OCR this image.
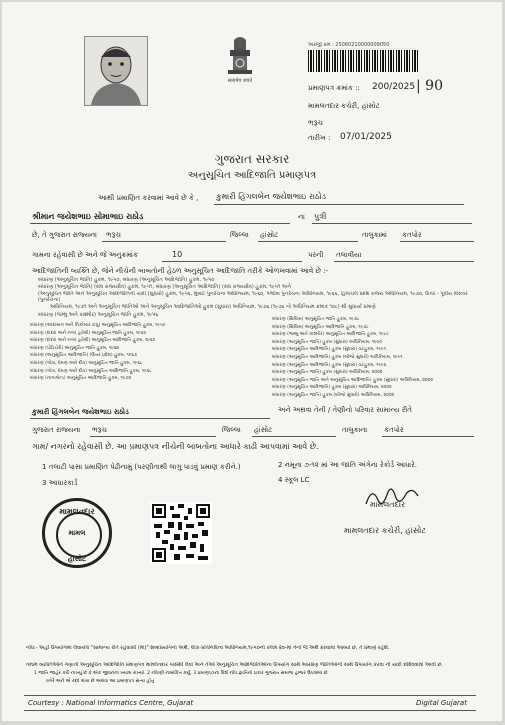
सत्यमेव जयते
અરજી ક્રમ : 25060210000009050
પ્રમાણપત્ર ક્રમાંક :: 200/2025 | 90
મામલતદાર કચેરી, હાંસોટ
ભરૂચ
તારીખ : 07/01/2025
ગુજરાત સરકાર
અનુસૂચિત આદિજાતિ પ્રમાણપત્ર
આથી પ્રમાણિત કરવામાં આવે છે કે , કુમારી હિંગલબેન જયેશભાઇ રાઠોડ
શ્રીમાન જયેશભાઇ સોમાભાઇ રાઠોડ	ના પુત્રી
છે, તે ગુજરાત રાજ્યના ભરૂચ	જિલ્લા હાંસોટ	તાલુકામાં કતપોર
ગામના રહેવાસી છે અને જે અનુક્રમાંક	10	પરની તલાવીયા
આદિજાતિની વ્યક્તિ છે, જેને નીચેની બાબતોની હેઠળ અનુસૂચિત આદિજાતિ તરીકે ઓળખવામાં આવે છે :-
બંધારણ (અનુસૂચિત જાતિ) હુકમ, ૧૯૫૦, બંધારણ (અનુસૂચિત આદિજાતિ) હુકમ, ૧૯૫૦
બંધારણ (અનુસૂચિત જાતિ) (સંઘ રાજ્યક્ષેત્ર) હુકમ, ૧૯૫૧, બંધારણ (અનુસૂચિત આદિજાતિ) (સંઘ રાજ્યક્ષેત્ર) હુકમ, ૧૯૫૧ અને
(અનુસૂચિત જાતિ અને અનુસૂચિત આદિજાતિની યાદી (સુધારો) હુકમ, ૧૯૫૬, મુંબઈ પુનર્રચના અધિનિયમ, ૧૯૬૦, પંજાબ પુનર્રચના અધિનિયમ, ૧૯૬૬, હિમાચલ પ્રદેશ રાજ્ય અધિનિયમ, ૧૯૭૦, ઉત્તર - પૂર્વીય વિસ્તાર (પુનર્રચના)
અધિનિયમ, ૧૯૭૧ અને અનુસૂચિત જાતિઓ અને અનુસૂચિત આદિજાતિઓ હુકમ (સુધારા) અધિનિયમ, ૧૯૭૬ (૧૯૭૬ નો અધિનિયમ ક્રમાંક ૧૦૮) થી સુધાર્યા પ્રમાણે
બંધારણ (જમ્મુ અને કાશ્મીર) અનુસૂચિત જાતિ હુકમ, ૧૯૫૬
બંધારણ (આંદામાન અને નિકોબાર ટાપુ) અનુસૂચિત આદિજાતિ હુકમ, ૧૯૫૯
બંધારણ (દાદરા અને નગર હવેલી) અનુસૂચિત જાતિ હુકમ, ૧૯૬૨
બંધારણ (દાદરા અને નગર હવેલી) અનુસૂચિત આદિજાતિ હુકમ, ૧૯૬૨
બંધારણ (પોંડિચેરી) અનુસૂચિત જાતિ હુકમ, ૧૯૬૪
બંધારણ (અનુસૂચિત આદિજાતિ) (ઉત્તર પ્રદેશ) હુકમ, ૧૯૬૭
બંધારણ (ગોવા, દમણ અને દીવ) અનુસૂચિત જાતિ હુકમ, ૧૯૬૮
બંધારણ (ગોવા, દમણ અને દીવ) અનુસૂચિત આદિજાતિ હુકમ, ૧૯૬૮
બંધારણ (નાગાલેન્ડ) અનુસૂચિત આદિજાતિ હુકમ, ૧૯૭૦
બંધારણ (સિક્કિમ) અનુસૂચિત જાતિ હુકમ, ૧૯૭૮
બંધારણ (સિક્કિમ) અનુસૂચિત આદિજાતિ હુકમ, ૧૯૭૮
બંધારણ (જમ્મુ અને કાશ્મીર) અનુસૂચિત આદિજાતિ હુકમ, ૧૯૮૯
બંધારણ (અનુસૂચિત જાતિ) હુકમ (સુધારા) અધિનિયમ, ૧૯૯૦
બંધારણ (અનુસૂચિત આદિજાતિ) હુકમ (સુધારા) વટહુકમ, ૧૯૯૧
બંધારણ (અનુસૂચિત આદિજાતિ) હુકમ (બીજો સુધારો) અધિનિયમ, ૧૯૯૧
બંધારણ (અનુસૂચિત આદિજાતિ) હુકમ (સુધારા) વટહુકમ, ૧૯૯૬
બંધારણ (અનુસૂચિત જાતિ) હુકમ (સુધારા) અધિનિયમ, ૨૦૦૨
બંધારણ (અનુસૂચિત જાતિ અને અનુસૂચિત આદિજાતિ) હુકમ (સુધારા) અધિનિયમ, ૨૦૦૨
બંધારણ (અનુસૂચિત આદિજાતિ) હુકમ (સુધારા) અધિનિયમ, ૨૦૦૨
બંધારણ (અનુસૂચિત જાતિ) હુકમ (બીજો સુધારો) અધિનિયમ, ૨૦૦૨
કુમારી હિંગલબેન જયેશભાઇ રાઠોડ	અને અથવા તેની / તેણીનો પરિવાર સામાન્ય રીતે
ગુજરાત રાજ્યના ભરૂચ	જિલ્લા હાંસોટ	તાલુકાના કતપોર
ગામ/ નગરનો રહેવાસી છે. આ પ્રમાણપત્ર નીચેની બાબતોના આધારે કાઢી આપવામાં આવે છે.
1 તલાટી પાસા પ્રમાણિત પેઢીનામું (પરણીતાથી લાગુ પાડવું પ્રમાણ કરીને.)	2 નમૂના ૭-૧૨ માં આ જાતિ અંગેના રેકોર્ડ આધારે.
3 આધારકાર્ડ	4 સ્કૂલ LC
મામલતદાર
મામલ
હાંસોટ
મામલતદાર
મામલતદાર કચેરી, હાંસોટ
નોંધ:- અહીં ઉપયોગમાં લેવાયેલ "સામાન્ય રીતે રહેવાસી (માં)" શબ્દપ્રયોગનો અર્થ, લોક-પ્રતિનિધિત્વ અધિનિયમ,૧૯૫૦ની કલમ ૨૦-માં તેનો જે અર્થ કરવામાં આવ્યો છે, તે પ્રમાણે રહેશે.
તમામ વ્યક્તિઓને ગણાતી અનુસૂચિત આદિજાતિ પ્રમાણપત્ર મામલતદાર પાસેથી લેવાં અને તેઓ અનુસૂચિત આદિજાતિઓના ઉપયોગ સાથે આરક્ષણ જાતિઓની સાથે ઉપાયોગ કરવા ની યાદી દર્શાવવામાં આવી છે.
1 જાતિ જાહેર કરી નાખ્યું છે કે એક જીવનના ખ્યાલ રાખ્યો. 2 નોંધણી નામાંકિત કર્યું. 3 પ્રમાણપત્રના વિશે નોંધ જ્ઞાતિનો પ્રકાર ગુજરાત સમાજ હાજર ઉપલબ્ધ છે.
વગેરે અને એ રદ્દ થાય છે અથવા આ પ્રમાણપત્ર સત્ય હોતું
Courtesy : National Informatics Centre, Gujarat	Digital Gujarat
